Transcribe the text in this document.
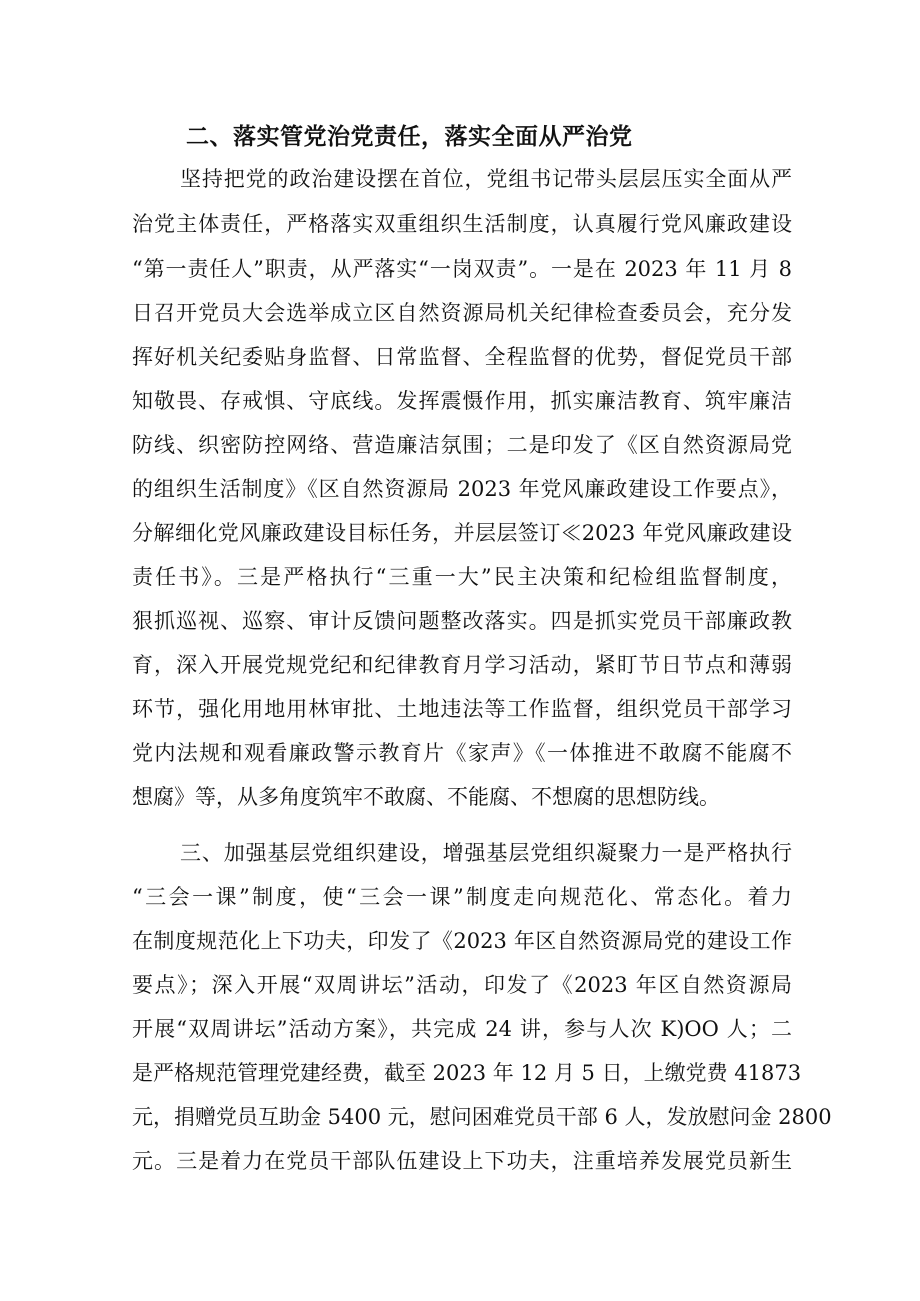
二、落实管党治党责任，落实全面从严治党
坚持把党的政治建设摆在首位，党组书记带头层层压实全面从严
治党主体责任，严格落实双重组织生活制度，认真履行党风廉政建设
“第一责任人”职责，从严落实“一岗双责”。一是在 2023 年 11 月 8
日召开党员大会选举成立区自然资源局机关纪律检查委员会，充分发
挥好机关纪委贴身监督、日常监督、全程监督的优势，督促党员干部
知敬畏、存戒惧、守底线。发挥震慑作用，抓实廉洁教育、筑牢廉洁
防线、织密防控网络、营造廉洁氛围；二是印发了《区自然资源局党
的组织生活制度》《区自然资源局 2023 年党风廉政建设工作要点》，
分解细化党风廉政建设目标任务，并层层签订≪2023 年党风廉政建设
责任书》。三是严格执行“三重一大”民主决策和纪检组监督制度，
狠抓巡视、巡察、审计反馈问题整改落实。四是抓实党员干部廉政教
育，深入开展党规党纪和纪律教育月学习活动，紧盯节日节点和薄弱
环节，强化用地用林审批、土地违法等工作监督，组织党员干部学习
党内法规和观看廉政警示教育片《家声》《一体推进不敢腐不能腐不
想腐》等，从多角度筑牢不敢腐、不能腐、不想腐的思想防线。
三、加强基层党组织建设，增强基层党组织凝聚力一是严格执行
“三会一课”制度，使“三会一课”制度走向规范化、常态化。着力
在制度规范化上下功夫，印发了《2023 年区自然资源局党的建设工作
要点》；深入开展“双周讲坛”活动，印发了《2023 年区自然资源局
开展“双周讲坛”活动方案》，共完成 24 讲，参与人次 K)OO 人；二
是严格规范管理党建经费，截至 2023 年 12 月 5 日，上缴党费 41873
元，捐赠党员互助金 5400 元，慰问困难党员干部 6 人，发放慰问金 2800
元。三是着力在党员干部队伍建设上下功夫，注重培养发展党员新生
